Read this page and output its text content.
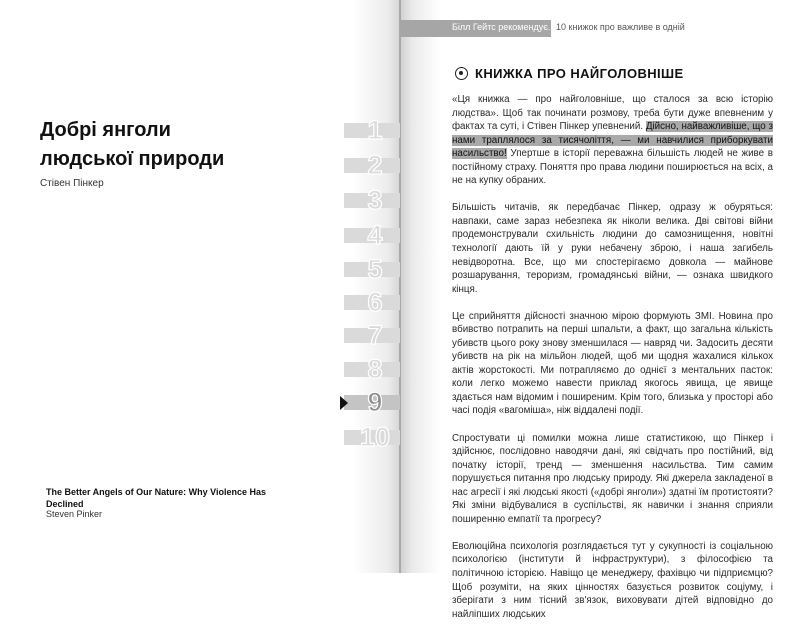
Добрі янголи
людської природи
Стівен Пінкер
The Better Angels of Our Nature: Why Violence Has Declined
Steven Pinker
1
2
3
4
5
6
7
8
9
10
Білл Гейтс рекомендує... 10 книжок про важливе в одній
КНИЖКА ПРО НАЙГОЛОВНІШЕ

«Ця книжка — про найголовніше, що сталося за всю історію людства». Щоб так починати розмову, треба бути дуже впевненим у фактах та суті, і Стівен Пінкер упевнений. Дійсно, найважливіше, що з нами траплялося за тисячоліття, — ми навчилися приборкувати насильство! Упертше в історії переважна більшість людей не живе в постійному страху. Поняття про права людини поширюється на всіх, а не на купку обраних.

Більшість читачів, як передбачає Пінкер, одразу ж обуряться: навпаки, саме зараз небезпека як ніколи велика. Дві світові війни продемонстрували схильність людини до самознищення, новітні технології дають їй у руки небачену зброю, і наша загибель невідворотна. Все, що ми спостерігаємо довкола — майнове розшарування, тероризм, громадянські війни, — ознака швидкого кінця.

Це сприйняття дійсності значною мірою формують ЗМІ. Новина про вбивство потрапить на перші шпальти, а факт, що загальна кількість убивств цього року знову зменшилася — навряд чи. Задосить десяти убивств на рік на мільйон людей, щоб ми щодня жахалися кількох актів жорстокості. Ми потрапляємо до однієї з ментальних пасток: коли легко можемо навести приклад якогось явища, це явище здається нам відомим і поширеним. Крім того, близька у просторі або часі подія «вагоміша», ніж віддалені події.

Спростувати ці помилки можна лише статистикою, що Пінкер і здійснює, послідовно наводячи дані, які свідчать про постійний, від початку історії, тренд — зменшення насильства. Тим самим порушується питання про людську природу. Які джерела закладеної в нас агресії і які людські якості («добрі янголи») здатні їм протистояти? Які зміни відбувалися в суспільстві, як навички і знання сприяли поширенню емпатії та прогресу?

Еволюційна психологія розглядається тут у сукупності із соціальною психологією (інститути й інфраструктури), з філософією та політичною історією. Навіщо це менеджеру, фахівцю чи підприємцю? Щоб розуміти, на яких цінностях базується розвиток соціуму, і зберігати з ним тісний зв'язок, виховувати дітей відповідно до найліпших людських
